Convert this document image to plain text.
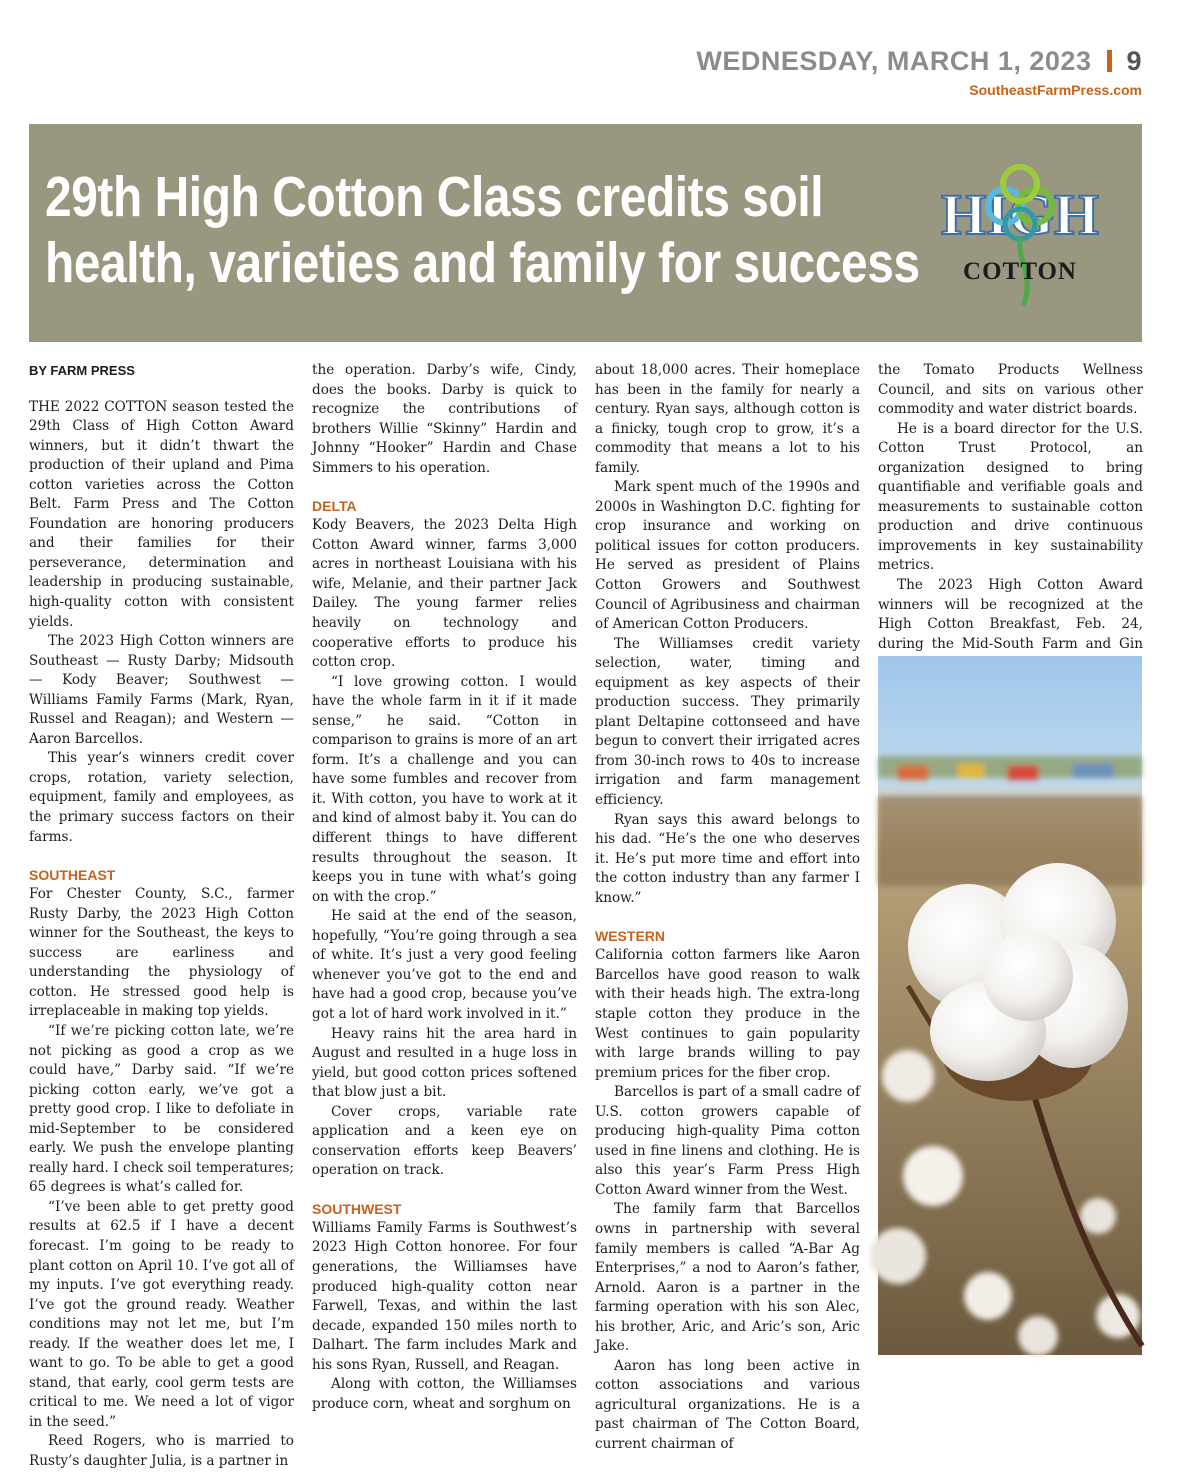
WEDNESDAY, MARCH 1, 2023 9
SoutheastFarmPress.com
29th High Cotton Class credits soil
health, varieties and family for success
HIGH
COTTON

BY FARM PRESS

THE 2022 COTTON season tested the 29th Class of High Cotton Award winners, but it didn’t thwart the production of their upland and Pima cotton varieties across the Cotton Belt. Farm Press and The Cotton Foundation are honoring producers and their families for their perseverance, determination and leadership in producing sustainable, high-quality cotton with consistent yields.

The 2023 High Cotton winners are Southeast — Rusty Darby; Midsouth — Kody Beaver; Southwest — Williams Family Farms (Mark, Ryan, Russel and Reagan); and Western — Aaron Barcellos.

This year’s winners credit cover crops, rotation, variety selection, equipment, family and employees, as the primary success factors on their farms.

SOUTHEAST

For Chester County, S.C., farmer Rusty Darby, the 2023 High Cotton winner for the Southeast, the keys to success are earliness and understanding the physiology of cotton. He stressed good help is irreplaceable in making top yields.

“If we’re picking cotton late, we’re not picking as good a crop as we could have,” Darby said. “If we’re picking cotton early, we’ve got a pretty good crop. I like to defoliate in mid-September to be considered early. We push the envelope planting really hard. I check soil temperatures; 65 degrees is what’s called for.

“I’ve been able to get pretty good results at 62.5 if I have a decent forecast. I’m going to be ready to plant cotton on April 10. I’ve got all of my inputs. I’ve got everything ready. I’ve got the ground ready. Weather conditions may not let me, but I’m ready. If the weather does let me, I want to go. To be able to get a good stand, that early, cool germ tests are critical to me. We need a lot of vigor in the seed.”

Reed Rogers, who is married to Rusty’s daughter Julia, is a partner in

the operation. Darby’s wife, Cindy, does the books. Darby is quick to recognize the contributions of brothers Willie “Skinny” Hardin and Johnny “Hooker” Hardin and Chase Simmers to his operation.

DELTA

Kody Beavers, the 2023 Delta High Cotton Award winner, farms 3,000 acres in northeast Louisiana with his wife, Melanie, and their partner Jack Dailey. The young farmer relies heavily on technology and cooperative efforts to produce his cotton crop.

“I love growing cotton. I would have the whole farm in it if it made sense,” he said. “Cotton in comparison to grains is more of an art form. It’s a challenge and you can have some fumbles and recover from it. With cotton, you have to work at it and kind of almost baby it. You can do different things to have different results throughout the season. It keeps you in tune with what’s going on with the crop.”

He said at the end of the season, hopefully, “You’re going through a sea of white. It’s just a very good feeling whenever you’ve got to the end and have had a good crop, because you’ve got a lot of hard work involved in it.”

Heavy rains hit the area hard in August and resulted in a huge loss in yield, but good cotton prices softened that blow just a bit.

Cover crops, variable rate application and a keen eye on conservation efforts keep Beavers’ operation on track.

SOUTHWEST

Williams Family Farms is Southwest’s 2023 High Cotton honoree. For four generations, the Williamses have produced high-quality cotton near Farwell, Texas, and within the last decade, expanded 150 miles north to Dalhart. The farm includes Mark and his sons Ryan, Russell, and Reagan.

Along with cotton, the Williamses produce corn, wheat and sorghum on

about 18,000 acres. Their homeplace has been in the family for nearly a century. Ryan says, although cotton is a finicky, tough crop to grow, it’s a commodity that means a lot to his family.

Mark spent much of the 1990s and 2000s in Washington D.C. fighting for crop insurance and working on political issues for cotton producers. He served as president of Plains Cotton Growers and Southwest Council of Agribusiness and chairman of American Cotton Producers.

The Williamses credit variety selection, water, timing and equipment as key aspects of their production success. They primarily plant Deltapine cottonseed and have begun to convert their irrigated acres from 30-inch rows to 40s to increase irrigation and farm management efficiency.

Ryan says this award belongs to his dad. “He’s the one who deserves it. He’s put more time and effort into the cotton industry than any farmer I know.”

WESTERN

California cotton farmers like Aaron Barcellos have good reason to walk with their heads high. The extra-long staple cotton they produce in the West continues to gain popularity with large brands willing to pay premium prices for the fiber crop.

Barcellos is part of a small cadre of U.S. cotton growers capable of producing high-quality Pima cotton used in fine linens and clothing. He is also this year’s Farm Press High Cotton Award winner from the West.

The family farm that Barcellos owns in partnership with several family members is called “A-Bar Ag Enterprises,” a nod to Aaron’s father, Arnold. Aaron is a partner in the farming operation with his son Alec, his brother, Aric, and Aric’s son, Aric Jake.

Aaron has long been active in cotton associations and various agricultural organizations. He is a past chairman of The Cotton Board, current chairman of

the Tomato Products Wellness Council, and sits on various other commodity and water district boards.

He is a board director for the U.S. Cotton Trust Protocol, an organization designed to bring quantifiable and verifiable goals and measurements to sustainable cotton production and drive continuous improvements in key sustainability metrics.

The 2023 High Cotton Award winners will be recognized at the High Cotton Breakfast, Feb. 24, during the Mid-South Farm and Gin
